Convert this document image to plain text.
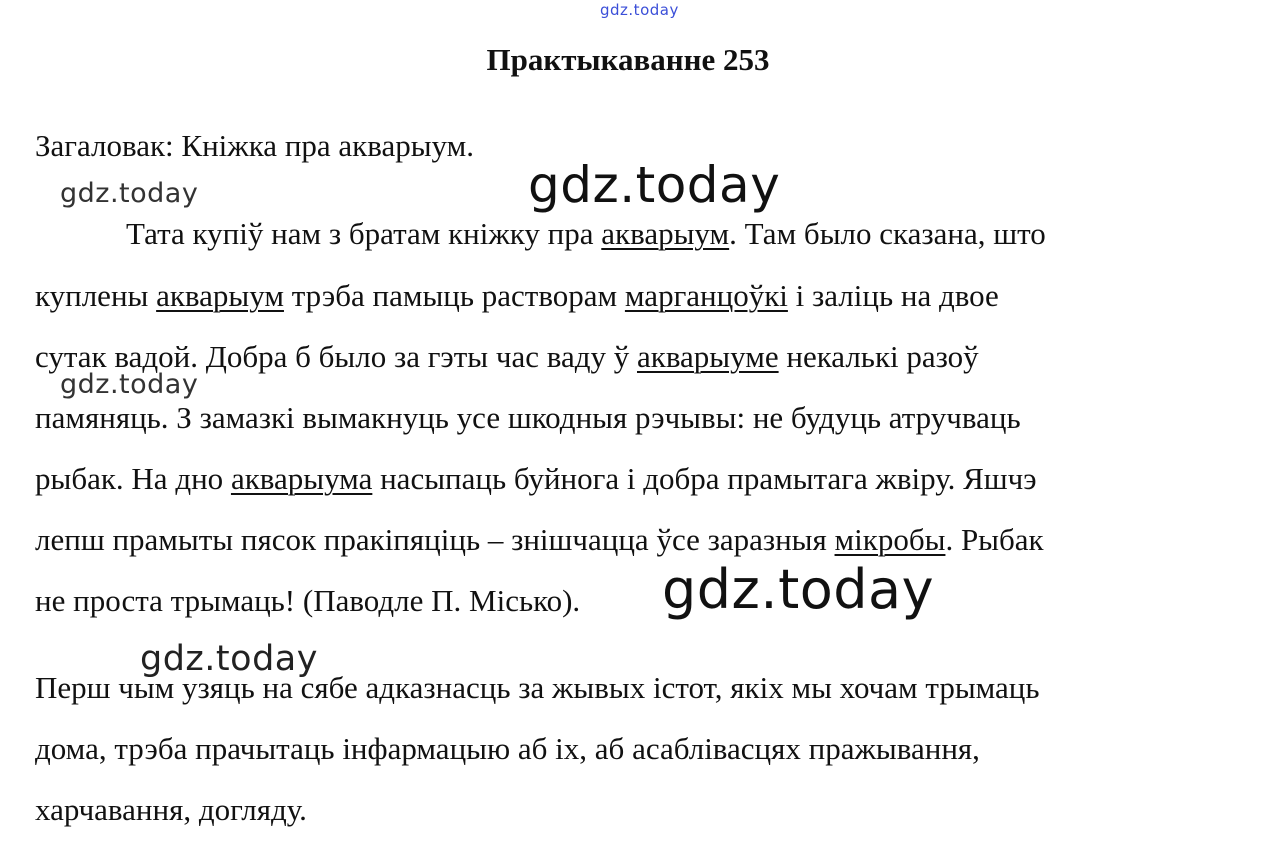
gdz.today
Практыкаванне 253
Загаловак: Кніжка пра акварыум.
Тата купіў нам з братам кніжку пра акварыум. Там было сказана, што
куплены акварыум трэба памыць растворам марганцоўкі і заліць на двое
сутак вадой. Добра б было за гэты час ваду ў акварыуме некалькі разоў
памяняць. З замазкі вымакнуць усе шкодныя рэчывы: не будуць атручваць
рыбак. На дно акварыума насыпаць буйнога і добра прамытага жвіру. Яшчэ
лепш прамыты пясок пракіпяціць – знішчацца ўсе заразныя мікробы. Рыбак
не проста трымаць! (Паводле П. Місько).
Перш чым узяць на сябе адказнасць за жывых істот, якіх мы хочам трымаць
дома, трэба прачытаць інфармацыю аб іх, аб асаблівасцях пражывання,
харчавання, догляду.
gdz.today
gdz.today
gdz.today
gdz.today
gdz.today
